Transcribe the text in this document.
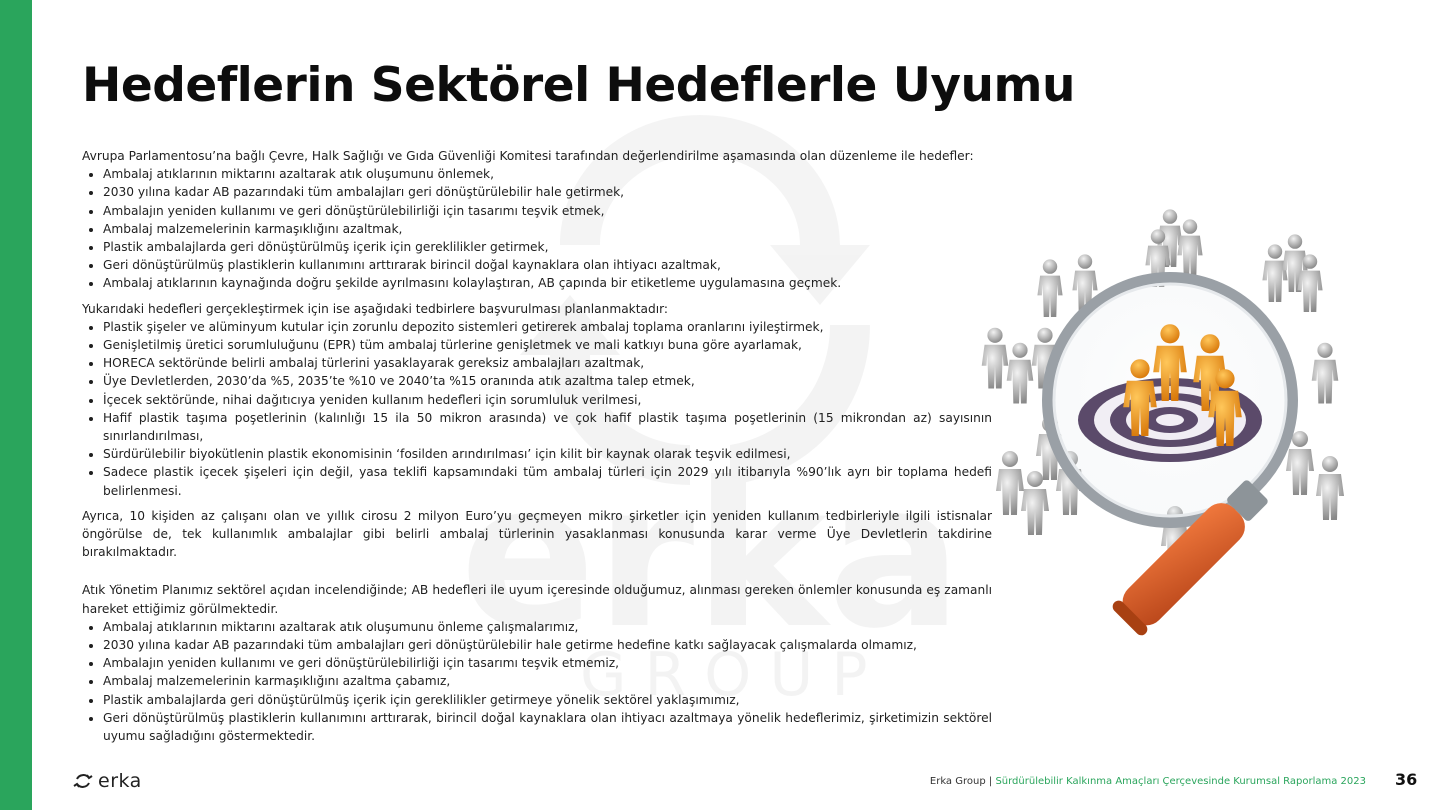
Hedeflerin Sektörel Hedeflerle Uyumu

Avrupa Parlamentosu’na bağlı Çevre, Halk Sağlığı ve Gıda Güvenliği Komitesi tarafından değerlendirilme aşamasında olan düzenleme ile hedefler:

• Ambalaj atıklarının miktarını azaltarak atık oluşumunu önlemek,
• 2030 yılına kadar AB pazarındaki tüm ambalajları geri dönüştürülebilir hale getirmek,
• Ambalajın yeniden kullanımı ve geri dönüştürülebilirliği için tasarımı teşvik etmek,
• Ambalaj malzemelerinin karmaşıklığını azaltmak,
• Plastik ambalajlarda geri dönüştürülmüş içerik için gereklilikler getirmek,
• Geri dönüştürülmüş plastiklerin kullanımını arttırarak birincil doğal kaynaklara olan ihtiyacı azaltmak,
• Ambalaj atıklarının kaynağında doğru şekilde ayrılmasını kolaylaştıran, AB çapında bir etiketleme uygulamasına geçmek.

Yukarıdaki hedefleri gerçekleştirmek için ise aşağıdaki tedbirlere başvurulması planlanmaktadır:

• Plastik şişeler ve alüminyum kutular için zorunlu depozito sistemleri getirerek ambalaj toplama oranlarını iyileştirmek,
• Genişletilmiş üretici sorumluluğunu (EPR) tüm ambalaj türlerine genişletmek ve mali katkıyı buna göre ayarlamak,
• HORECA sektöründe belirli ambalaj türlerini yasaklayarak gereksiz ambalajları azaltmak,
• Üye Devletlerden, 2030’da %5, 2035’te %10 ve 2040’ta %15 oranında atık azaltma talep etmek,
• İçecek sektöründe, nihai dağıtıcıya yeniden kullanım hedefleri için sorumluluk verilmesi,
• Hafif plastik taşıma poşetlerinin (kalınlığı 15 ila 50 mikron arasında) ve çok hafif plastik taşıma poşetlerinin (15 mikrondan az) sayısının sınırlandırılması,
• Sürdürülebilir biyokütlenin plastik ekonomisinin ‘fosilden arındırılması’ için kilit bir kaynak olarak teşvik edilmesi,
• Sadece plastik içecek şişeleri için değil, yasa teklifi kapsamındaki tüm ambalaj türleri için 2029 yılı itibarıyla %90’lık ayrı bir toplama hedefi belirlenmesi.

Ayrıca, 10 kişiden az çalışanı olan ve yıllık cirosu 2 milyon Euro’yu geçmeyen mikro şirketler için yeniden kullanım tedbirleriyle ilgili istisnalar öngörülse de, tek kullanımlık ambalajlar gibi belirli ambalaj türlerinin yasaklanması konusunda karar verme Üye Devletlerin takdirine bırakılmaktadır.

Atık Yönetim Planımız sektörel açıdan incelendiğinde; AB hedefleri ile uyum içeresinde olduğumuz, alınması gereken önlemler konusunda eş zamanlı hareket ettiğimiz görülmektedir.

• Ambalaj atıklarının miktarını azaltarak atık oluşumunu önleme çalışmalarımız,
• 2030 yılına kadar AB pazarındaki tüm ambalajları geri dönüştürülebilir hale getirme hedefine katkı sağlayacak çalışmalarda olmamız,
• Ambalajın yeniden kullanımı ve geri dönüştürülebilirliği için tasarımı teşvik etmemiz,
• Ambalaj malzemelerinin karmaşıklığını azaltma çabamız,
• Plastik ambalajlarda geri dönüştürülmüş içerik için gereklilikler getirmeye yönelik sektörel yaklaşımımız,
• Geri dönüştürülmüş plastiklerin kullanımını arttırarak, birincil doğal kaynaklara olan ihtiyacı azaltmaya yönelik hedeflerimiz, şirketimizin sektörel uyumu sağladığını göstermektedir.
erka	Erka Group | Sürdürülebilir Kalkınma Amaçları Çerçevesinde Kurumsal Raporlama 2023 36
